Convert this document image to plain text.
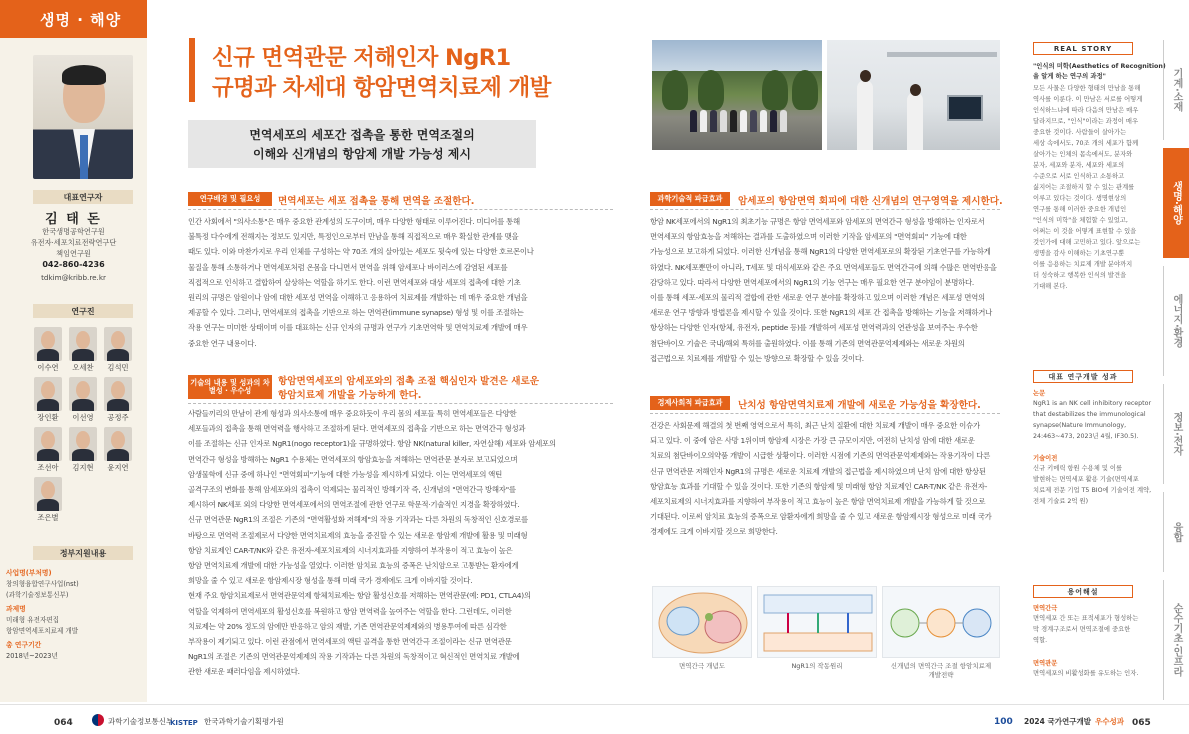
생명 · 해양
대표연구자
김 태 돈
한국생명공학연구원
유전자·세포치료전략연구단
책임연구원
042-860-4236
tdkim@kribb.re.kr
연구진
이수연	오세찬	김석민
장인환	이선영	공정주
조선아	김지현	윤지연
조은별
정부지원내용
사업명(부처명)
창의형융합연구사업(nst)
(과학기술정보통신부)
과제명
미래형 유전자편집
항암면역세포치료제 개발
총 연구기간
2018년~2023년
신규 면역관문 저해인자 NgR1
규명과 차세대 항암면역치료제 개발
면역세포의 세포간 접촉을 통한 면역조절의
이해와 신개념의 항암제 개발 가능성 제시
연구배경 및 필요성	면역세포는 세포 접촉을 통해 면역을 조절한다.

인간 사회에서 "의사소통"은 매우 중요한 관계성의 도구이며, 매우 다양한 형태로 이루어진다. 미디어를 통해

불특정 다수에게 전해지는 정보도 있지만, 특정인으로부터 만남을 통해 직접적으로 매우 확실한 관계를 맺을

때도 있다. 이와 마찬가지로 우리 인체를 구성하는 약 70조 개의 살아있는 세포도 뒷숙에 있는 다양한 호르몬이나

물질을 통해 소통하거나 면역세포처럼 온몸을 다니면서 면역을 위해 암세포나 바이러스에 감염된 세포를

직접적으로 인식하고 결합하여 살상하는 역할을 하기도 한다. 이런 면역세포와 대상 세포의 접촉에 대한 기초

원리의 규명은 암원이나 암에 대한 세포성 면역을 이해하고 응용하여 치료제를 개발하는 데 매우 중요한 개념을

제공할 수 있다. 그러나, 면역세포의 접촉을 기반으로 하는 면역관(immune synapse) 형성 및 이를 조절하는

작용 연구는 미미한 상태이며 이를 대표하는 신규 인자의 규명과 연구가 기초면역학 및 면역치료제 개발에 매우

중요한 연구 내용이다.

기술의 내용 및 성과의 차별성 · 우수성
항암면역세포의 암세포와의 접촉 조절 핵심인자 발견은 새로운
항암치료제 개발을 가능하게 한다.

사람들끼리의 만남이 관계 형성과 의사소통에 매우 중요하듯이 우리 몸의 세포들 특히 면역세포들은 다양한

세포들과의 접촉을 통해 면역력을 행사하고 조절하게 된다. 면역세포의 접촉을 기반으로 하는 면역간극 형성과

이를 조절하는 신규 인자로 NgR1(nogo receptor1)을 규명하였다. 항암 NK(natural killer, 자연살해) 세포와 암세포의

면역간극 형성을 방해하는 NgR1 수용체는 면역세포의 항암효능을 저해하는 면역관문 분자로 보고되었으며

암생물학에 신규 중에 하나인 "면역회피"기능에 대한 가능성을 제시하게 되었다. 이는 면역세포의 액틴

골격구조의 변화를 통해 암세포와의 접촉이 억제되는 물리적인 방해기작 즉, 신개념의 "면역간극 방해자"를

제시하여 NK세포 외의 다양한 면역세포에서의 면역조절에 관한 연구로 학문적·기술적인 지경을 확장하였다.

신규 면역관문 NgR1의 조절은 기존의 "면역활성화 저해제"의 작용 기작과는 다른 차원의 독창적인 신호경로를

바탕으로 면역력 조절제로서 다양한 면역치료제의 효능을 증진할 수 있는 새로운 항암제 개발에 활용 및 미래형

항암 치료제인 CAR-T/NK와 같은 유전자-세포치료제의 시너지효과를 지향하여 부작용이 적고 효능이 높은

항암 면역치료제 개발에 대한 가능성을 열었다. 이러한 암치료 효능의 증폭은 난치암으로 고통받는 환자에게

희망을 줄 수 있고 새로운 항암제시장 형성을 통해 미래 국가 경제에도 크게 이바지할 것이다.

현재 주요 항암치료제로서 면역관문억제 항체치료제는 항암 활성신호를 저해하는 면역관문(예: PD1, CTLA4)의

역할을 억제하여 면역세포의 활성신호를 복원하고 항암 면역력을 높여주는 역할을 한다. 그런데도, 이러한

치료제는 약 20% 정도의 암에만 반응하고 암의 재발, 기존 면역관문억제제와의 병용투여에 따른 심각한

부작용이 제기되고 있다. 이런 관점에서 면역세포의 액틴 골격을 통한 면역간극 조절이라는 신규 면역관문

NgR1의 조절은 기존의 면역관문억제제의 작용 기작과는 다른 차원의 독창적이고 혁신적인 면역치료 개발에

관한 새로운 패러다임을 제시하였다.

과학기술적 파급효과	암세포의 항암면역 회피에 대한 신개념의 연구영역을 제시한다.

항암 NK세포에서의 NgR1의 최초기능 규명은 항암 면역세포와 암세포의 면역간극 형성을 방해하는 인자로서

면역세포의 항암효능을 저해하는 결과를 도출하였으며 이러한 기작을 암세포의 "면역회피" 기능에 대한

가능성으로 보고하게 되었다. 이러한 신개념을 통해 NgR1의 다양한 면역세포로의 확장된 기초연구를 가능하게

하였다. NK세포뿐만이 아니라, T세포 및 대식세포와 같은 주요 면역세포들도 면역간극에 의해 수많은 면역반응을

감당하고 있다. 따라서 다양한 면역세포에서의 NgR1의 기능 연구는 매우 필요한 연구 분야임이 분명하다.

이를 통해 세포-세포의 물리적 결합에 관한 새로운 연구 분야를 확장하고 있으며 이러한 개념은 세포성 면역의

새로운 연구 방향과 방법론을 제시할 수 있을 것이다. 또한 NgR1의 세포 간 접촉을 방해하는 기능을 저해하거나

항상하는 다양한 인자(항체, 유전자, peptide 등)를 개발하여 세포성 면역력과의 연관성을 보여주는 우수한

첨단바이오 기술은 국내/해외 특허를 출원하였다. 이를 통해 기존의 면역관문억제제와는 새로운 차원의

접근법으로 치료제를 개발할 수 있는 방향으로 확장할 수 있을 것이다.

경제사회적 파급효과	난치성 항암면역치료제 개발에 새로운 가능성을 확장한다.

건강은 사회문제 해결의 첫 번째 영역으로서 특히, 최근 난치 질환에 대한 치료제 개발이 매우 중요한 이슈가

되고 있다. 이 중에 암은 사망 1위이며 항암제 시장은 가장 큰 규모이지만, 여전히 난치성 암에 대한 새로운

치료의 첨단바이오의약품 개발이 시급한 상황이다. 이러한 시점에 기존의 면역관문억제제와는 작용기작이 다른

신규 면역관문 저해인자 NgR1의 규명은 새로운 치료제 개발의 접근법을 제시하였으며 난치 암에 대한 항상된

항암효능 효과를 기대할 수 있을 것이다. 또한 기존의 항암제 및 미래형 항암 치료제인 CAR-T/NK 같은 유전자-

세포치료제의 시너지효과를 지향하여 부작용이 적고 효능이 높은 항암 면역치료제 개발을 가능하게 할 것으로

기대된다. 이로써 암치료 효능의 증폭으로 암환자에게 희망을 줄 수 있고 새로운 항암제시장 형성으로 미래 국가

경제에도 크게 이바지할 것으로 희망한다.

면역간극 개념도	NgR1의 작동원리	신개념의 면역간극 조절 항암치료제
개발전략
REAL STORY
"인식의 미학(Aesthetics of Recognition)
을 알게 하는 연구의 과정"
모든 사물은 다양한 형태의 만남을 통해
역사를 이룬다. 이 만남은 서로를 어떻게
인식하느냐에 따라 다음의 만남은 매우
달라지므로, "인식"이라는 과정이 매우
중요한 것이다. 사람들이 살아가는
세상 속에서도, 70조 개의 세포가 함께
살아가는 인체의 몸속에서도, 분자와
분자, 세포와 분자, 세포와 세포의
수준으로 서로 인식하고 소통하고
싫지어는 조절하지 할 수 있는 관계를
이루고 있다는 것이다. 생명현상의
연구를 통해 이러한 중요한 개념인
"인식의 미학"을 체험할 수 있었고,
어쩌는 이 것을 어떻게 표현할 수 있을
것인가에 대해 고민하고 있다. 앞으로는
생명을 감사 이해하는 기초연구뿐
이를 응용하는 치료제 개발 분야까지
더 성숙하고 행복한 인식의 발견을
기대해 본다.
대표 연구개발 성과
논문
NgR1 is an NK cell inhibitory receptor
that destabilizes the immunological
synapse(Nature Immunology,
24:463~473, 2023년 4월, IF30.5).
기술이전
신규 키메릭 항원 수용체 및 이를
발현하는 면역세포 활용 기술(면역세포
치료제 전문 기업 T5 BIO에 기술이전 계약,
전체 기술료 2억 원)
용어해설
면역간극
면역세포 간 또는 표적세포가 형성하는
막 경계구조로서 면역조절에 중요한
역할.
면역관문
면역세포의 비활성화를 유도하는 인자.
기계·소재
생명·해양
에너지·환경
정보·전자
융합
순수기초·인프라
064	과학기술정보통신부
KISTEP 한국과학기술기획평가원	100 2024 국가연구개발 우수성과 065
